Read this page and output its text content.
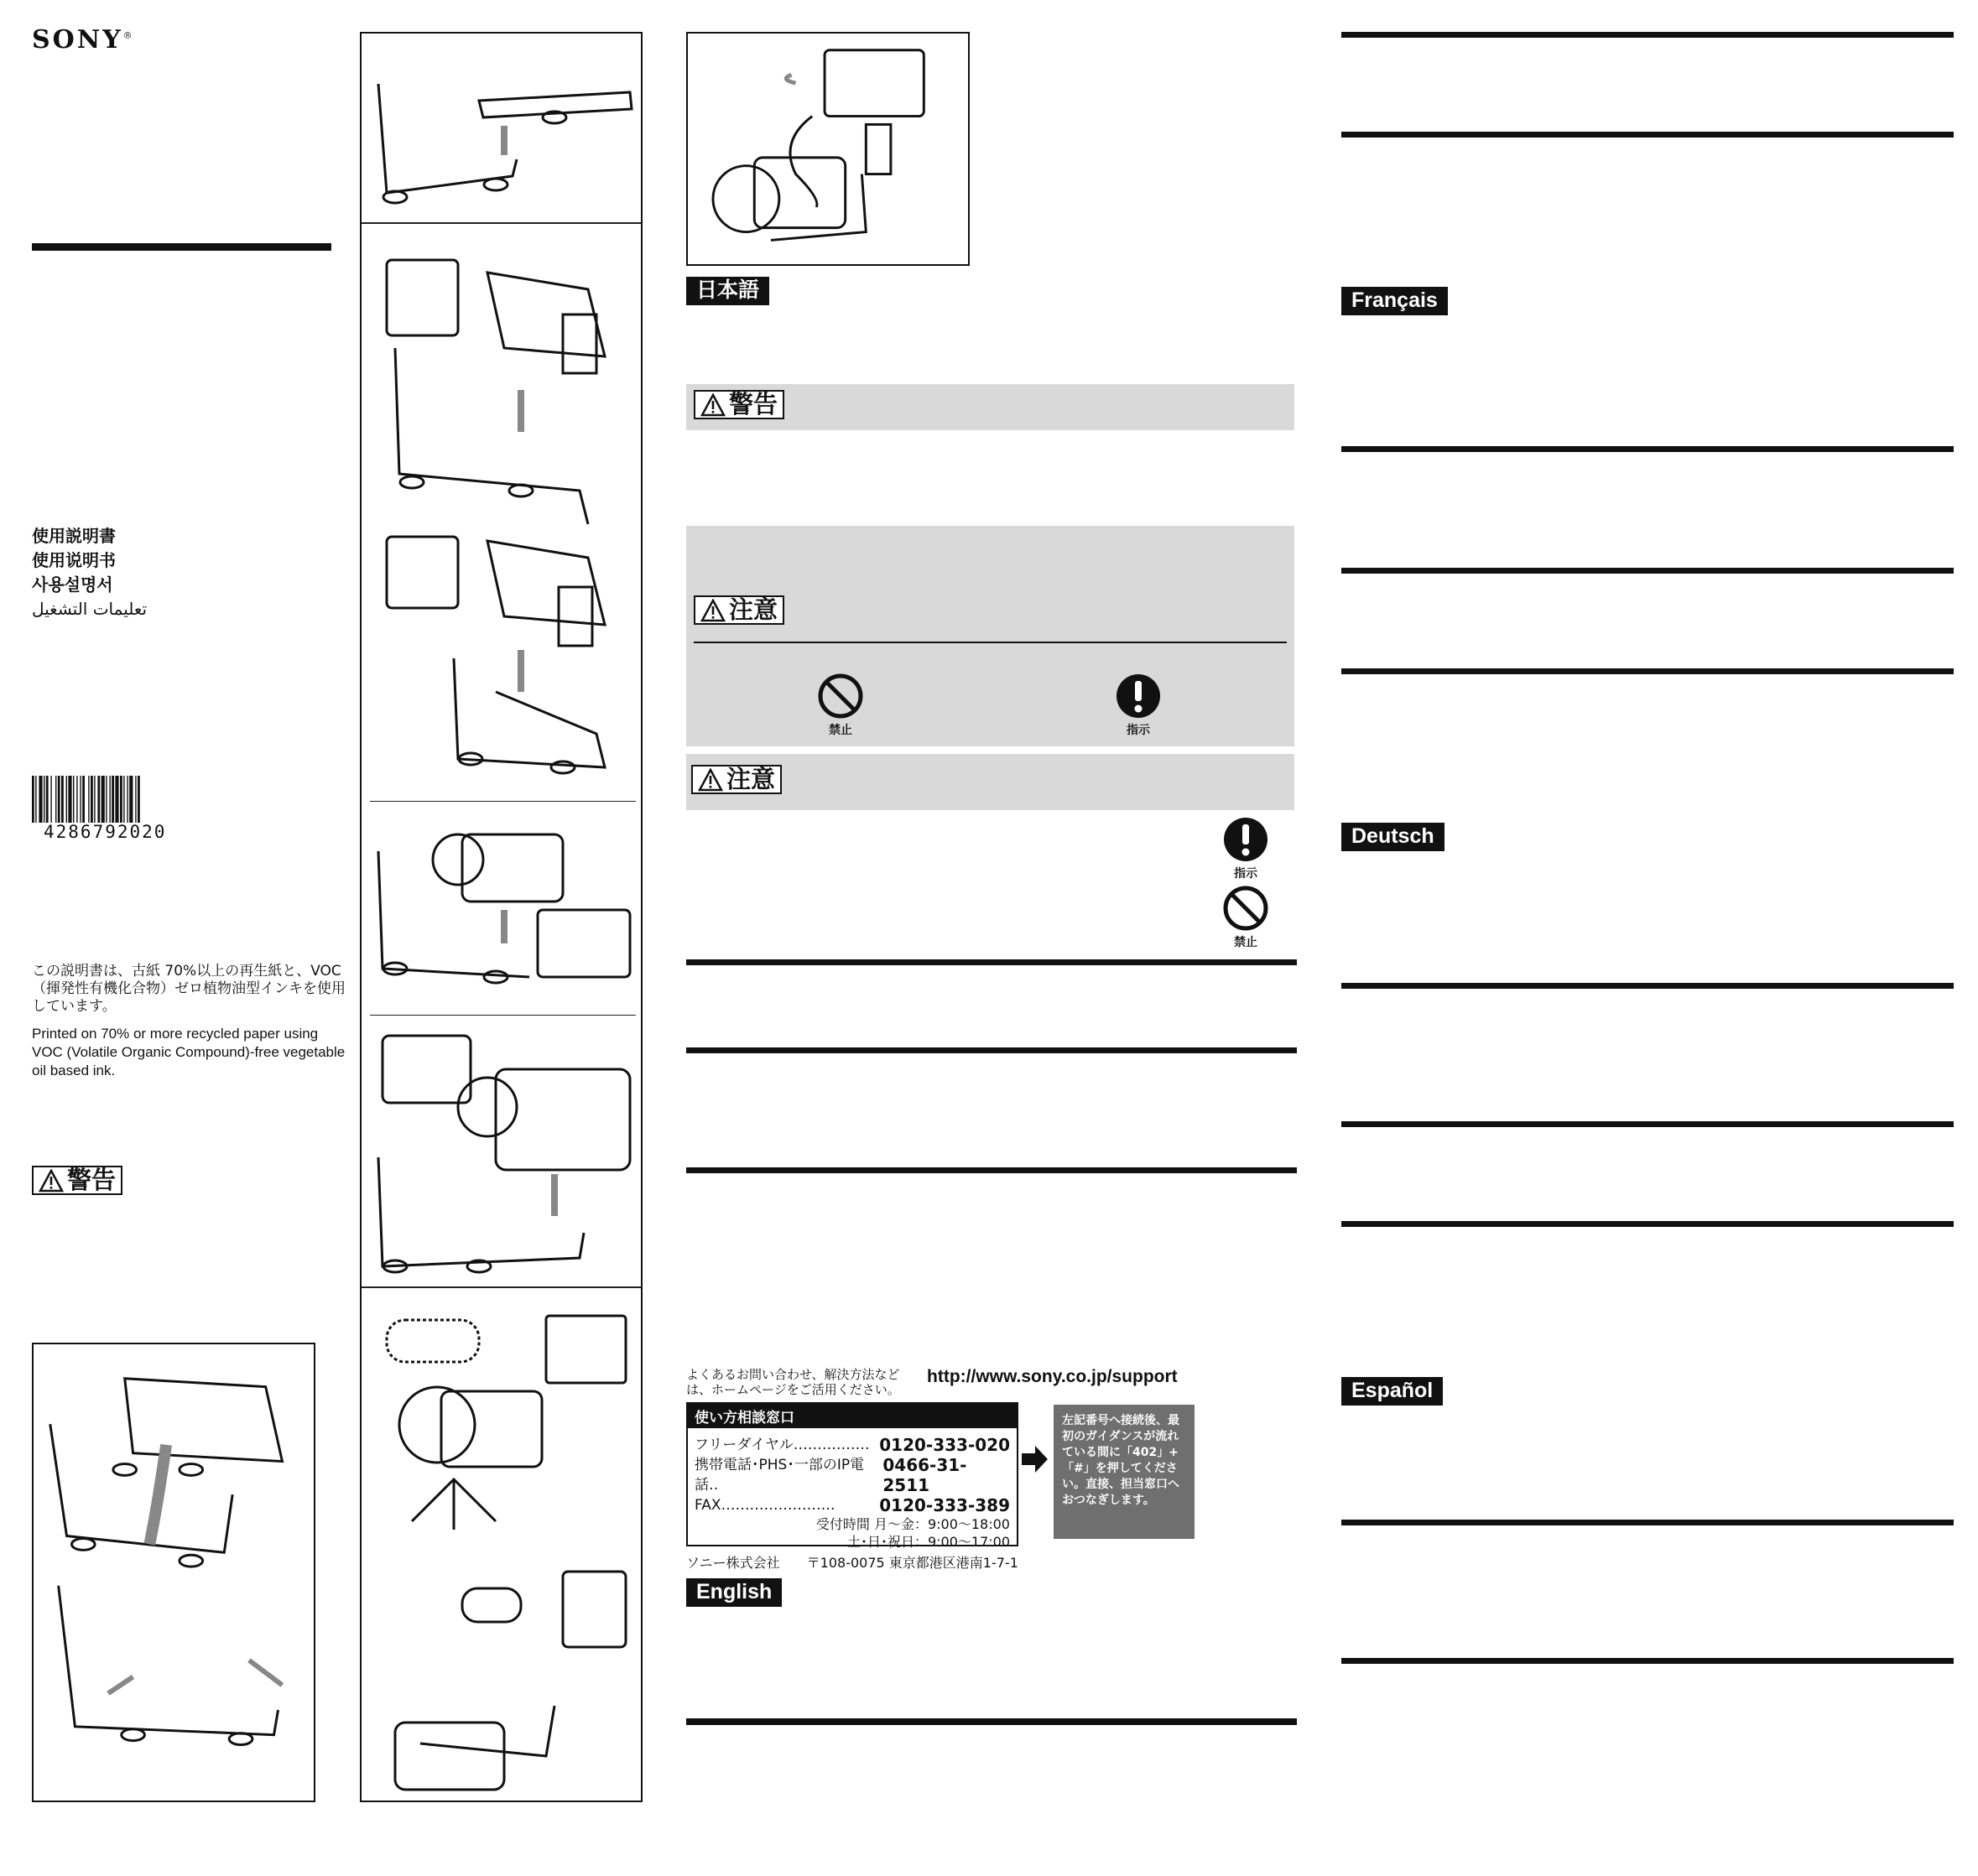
SONY®
使用説明書
使用说明书
사용설명서
تعليمات التشغيل
4286792020
この説明書は、古紙 70%以上の再生紙と、VOC（揮発性有機化合物）ゼロ植物油型インキを使用しています。
Printed on 70% or more recycled paper using VOC (Volatile Organic Compound)-free vegetable oil based ink.
警告
日本語
警告
注意
禁止	指示
注意
指示
禁止
よくあるお問い合わせ、解決方法などは、ホームページをご活用ください。
http://www.sony.co.jp/support
使い方相談窓口
フリーダイヤル‥‥‥‥‥‥‥‥ 0120-333-020
携帯電話･PHS･一部のIP電話‥
0466-31-2511
FAX‥‥‥‥‥‥‥‥‥‥‥‥	0120-333-389
受付時間 月〜金：9:00〜18:00
土･日･祝日：9:00〜17:00
左記番号へ接続後、最初のガイダンスが流れている間に「402」+「#」を押してください。直接、担当窓口へおつなぎします。
ソニー株式会社　　〒108-0075 東京都港区港南1-7-1
English
Français
Deutsch
Español
